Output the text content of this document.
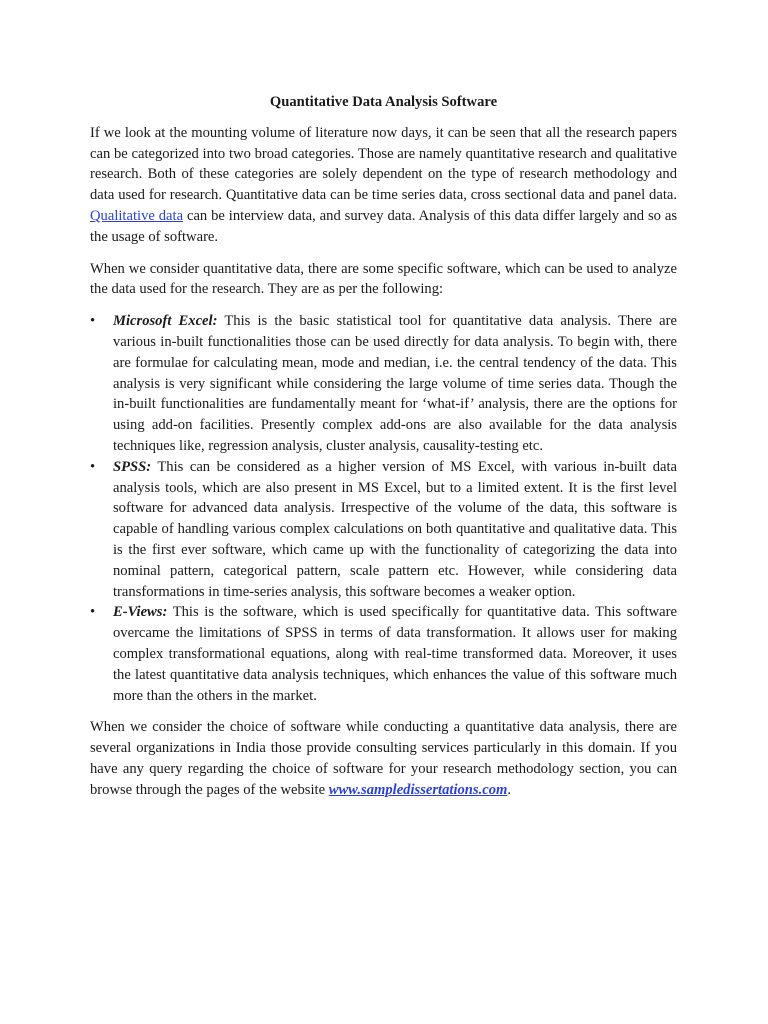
Quantitative Data Analysis Software

If we look at the mounting volume of literature now days, it can be seen that all the research papers can be categorized into two broad categories. Those are namely quantitative research and qualitative research. Both of these categories are solely dependent on the type of research methodology and data used for research. Quantitative data can be time series data, cross sectional data and panel data. Qualitative data can be interview data, and survey data. Analysis of this data differ largely and so as the usage of software.

When we consider quantitative data, there are some specific software, which can be used to analyze the data used for the research. They are as per the following:

• Microsoft Excel: This is the basic statistical tool for quantitative data analysis. There are various in-built functionalities those can be used directly for data analysis. To begin with, there are formulae for calculating mean, mode and median, i.e. the central tendency of the data. This analysis is very significant while considering the large volume of time series data. Though the in-built functionalities are fundamentally meant for ‘what-if’ analysis, there are the options for using add-on facilities. Presently complex add-ons are also available for the data analysis techniques like, regression analysis, cluster analysis, causality-testing etc.
• SPSS: This can be considered as a higher version of MS Excel, with various in-built data analysis tools, which are also present in MS Excel, but to a limited extent. It is the first level software for advanced data analysis. Irrespective of the volume of the data, this software is capable of handling various complex calculations on both quantitative and qualitative data. This is the first ever software, which came up with the functionality of categorizing the data into nominal pattern, categorical pattern, scale pattern etc. However, while considering data transformations in time-series analysis, this software becomes a weaker option.
• E-Views: This is the software, which is used specifically for quantitative data. This software overcame the limitations of SPSS in terms of data transformation. It allows user for making complex transformational equations, along with real-time transformed data. Moreover, it uses the latest quantitative data analysis techniques, which enhances the value of this software much more than the others in the market.

When we consider the choice of software while conducting a quantitative data analysis, there are several organizations in India those provide consulting services particularly in this domain. If you have any query regarding the choice of software for your research methodology section, you can browse through the pages of the website www.sampledissertations.com.
